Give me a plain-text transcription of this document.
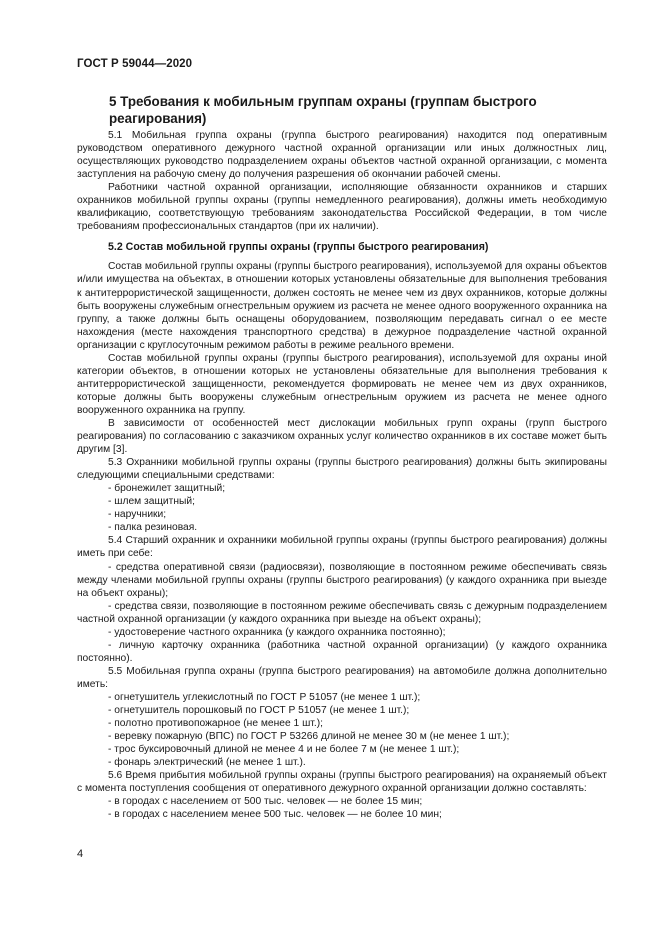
ГОСТ Р 59044—2020
5 Требования к мобильным группам охраны (группам быстрого реагирования)

5.1 Мобильная группа охраны (группа быстрого реагирования) находится под оперативным руководством оперативного дежурного частной охранной организации или иных должностных лиц, осуществляющих руководство подразделением охраны объектов частной охранной организации, с момента заступления на рабочую смену до получения разрешения об окончании рабочей смены.

Работники частной охранной организации, исполняющие обязанности охранников и старших охранников мобильной группы охраны (группы немедленного реагирования), должны иметь необходимую квалификацию, соответствующую требованиям законодательства Российской Федерации, в том числе требованиям профессиональных стандартов (при их наличии).

5.2 Состав мобильной группы охраны (группы быстрого реагирования)

Состав мобильной группы охраны (группы быстрого реагирования), используемой для охраны объектов и/или имущества на объектах, в отношении которых установлены обязательные для выполнения требования к антитеррористической защищенности, должен состоять не менее чем из двух охранников, которые должны быть вооружены служебным огнестрельным оружием из расчета не менее одного вооруженного охранника на группу, а также должны быть оснащены оборудованием, позволяющим передавать сигнал о ее месте нахождения (месте нахождения транспортного средства) в дежурное подразделение частной охранной организации с круглосуточным режимом работы в режиме реального времени.

Состав мобильной группы охраны (группы быстрого реагирования), используемой для охраны иной категории объектов, в отношении которых не установлены обязательные для выполнения требования к антитеррористической защищенности, рекомендуется формировать не менее чем из двух охранников, которые должны быть вооружены служебным огнестрельным оружием из расчета не менее одного вооруженного охранника на группу.

В зависимости от особенностей мест дислокации мобильных групп охраны (групп быстрого реагирования) по согласованию с заказчиком охранных услуг количество охранников в их составе может быть другим [3].

5.3 Охранники мобильной группы охраны (группы быстрого реагирования) должны быть экипированы следующими специальными средствами:

- бронежилет защитный;

- шлем защитный;

- наручники;

- палка резиновая.

5.4 Старший охранник и охранники мобильной группы охраны (группы быстрого реагирования) должны иметь при себе:

- средства оперативной связи (радиосвязи), позволяющие в постоянном режиме обеспечивать связь между членами мобильной группы охраны (группы быстрого реагирования) (у каждого охранника при выезде на объект охраны);

- средства связи, позволяющие в постоянном режиме обеспечивать связь с дежурным подразделением частной охранной организации (у каждого охранника при выезде на объект охраны);

- удостоверение частного охранника (у каждого охранника постоянно);

- личную карточку охранника (работника частной охранной организации) (у каждого охранника постоянно).

5.5 Мобильная группа охраны (группа быстрого реагирования) на автомобиле должна дополнительно иметь:

- огнетушитель углекислотный по ГОСТ Р 51057 (не менее 1 шт.);

- огнетушитель порошковый по ГОСТ Р 51057 (не менее 1 шт.);

- полотно противопожарное (не менее 1 шт.);

- веревку пожарную (ВПС) по ГОСТ Р 53266 длиной не менее 30 м (не менее 1 шт.);

- трос буксировочный длиной не менее 4 и не более 7 м (не менее 1 шт.);

- фонарь электрический (не менее 1 шт.).

5.6 Время прибытия мобильной группы охраны (группы быстрого реагирования) на охраняемый объект с момента поступления сообщения от оперативного дежурного охранной организации должно составлять:

- в городах с населением от 500 тыс. человек — не более 15 мин;

- в городах с населением менее 500 тыс. человек — не более 10 мин;

4
